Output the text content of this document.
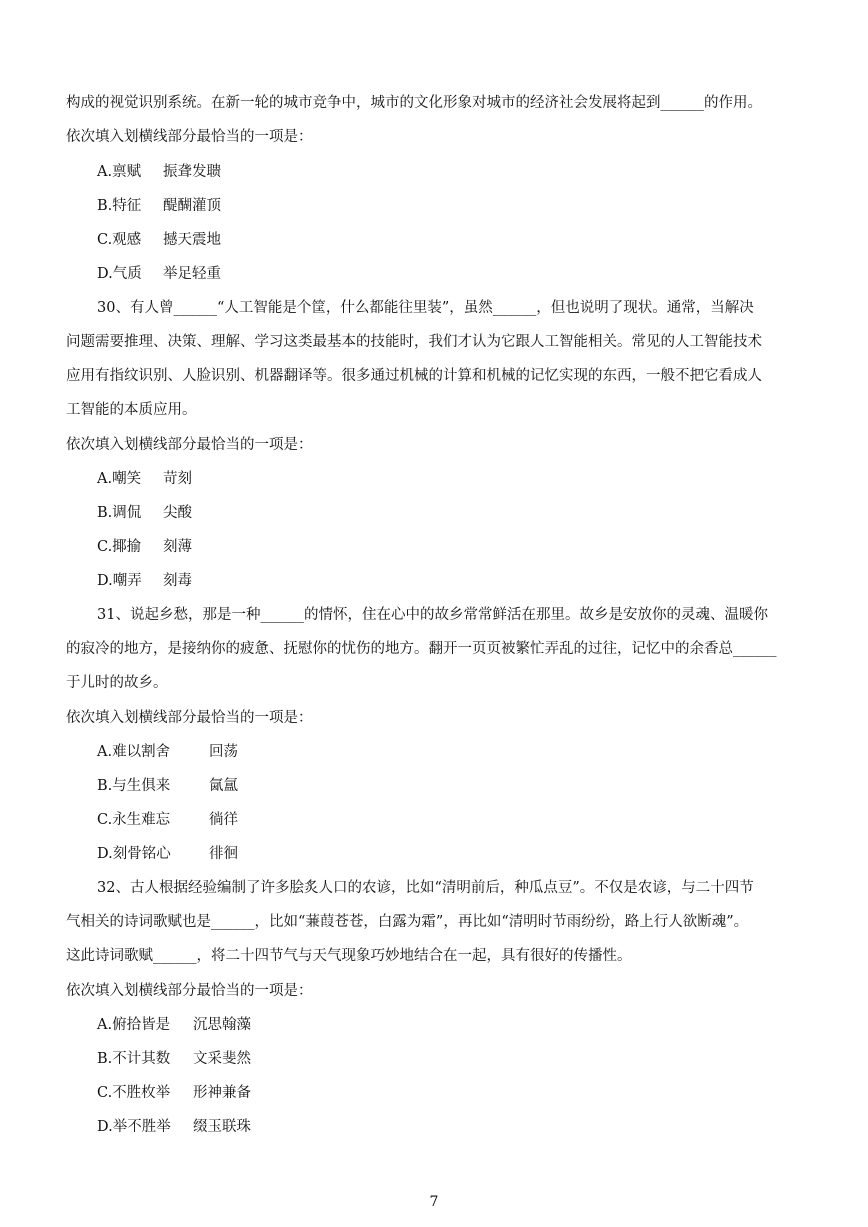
构成的视觉识别系统。在新一轮的城市竞争中，城市的文化形象对城市的经济社会发展将起到______的作用。
依次填入划横线部分最恰当的一项是：
A.禀赋 振聋发聩
B.特征 醍醐灌顶
C.观感 撼天震地
D.气质 举足轻重
30、有人曾______“人工智能是个筐，什么都能往里装”，虽然______，但也说明了现状。通常，当解决
问题需要推理、决策、理解、学习这类最基本的技能时，我们才认为它跟人工智能相关。常见的人工智能技术
应用有指纹识别、人脸识别、机器翻译等。很多通过机械的计算和机械的记忆实现的东西，一般不把它看成人
工智能的本质应用。
依次填入划横线部分最恰当的一项是：
A.嘲笑 苛刻
B.调侃 尖酸
C.揶揄 刻薄
D.嘲弄 刻毒
31、说起乡愁，那是一种______的情怀，住在心中的故乡常常鲜活在那里。故乡是安放你的灵魂、温暖你
的寂冷的地方，是接纳你的疲惫、抚慰你的忧伤的地方。翻开一页页被繁忙弄乱的过往，记忆中的余香总______
于儿时的故乡。
依次填入划横线部分最恰当的一项是：
A.难以割舍	回荡
B.与生俱来	氤氲
C.永生难忘	徜徉
D.刻骨铭心	徘徊
32、古人根据经验编制了许多脍炙人口的农谚，比如“清明前后，种瓜点豆”。不仅是农谚，与二十四节
气相关的诗词歌赋也是______，比如“蒹葭苍苍，白露为霜”，再比如“清明时节雨纷纷，路上行人欲断魂”。
这此诗词歌赋______，将二十四节气与天气现象巧妙地结合在一起，具有很好的传播性。
依次填入划横线部分最恰当的一项是：
A.俯拾皆是 沉思翰藻
B.不计其数 文采斐然
C.不胜枚举 形神兼备
D.举不胜举 缀玉联珠
7
